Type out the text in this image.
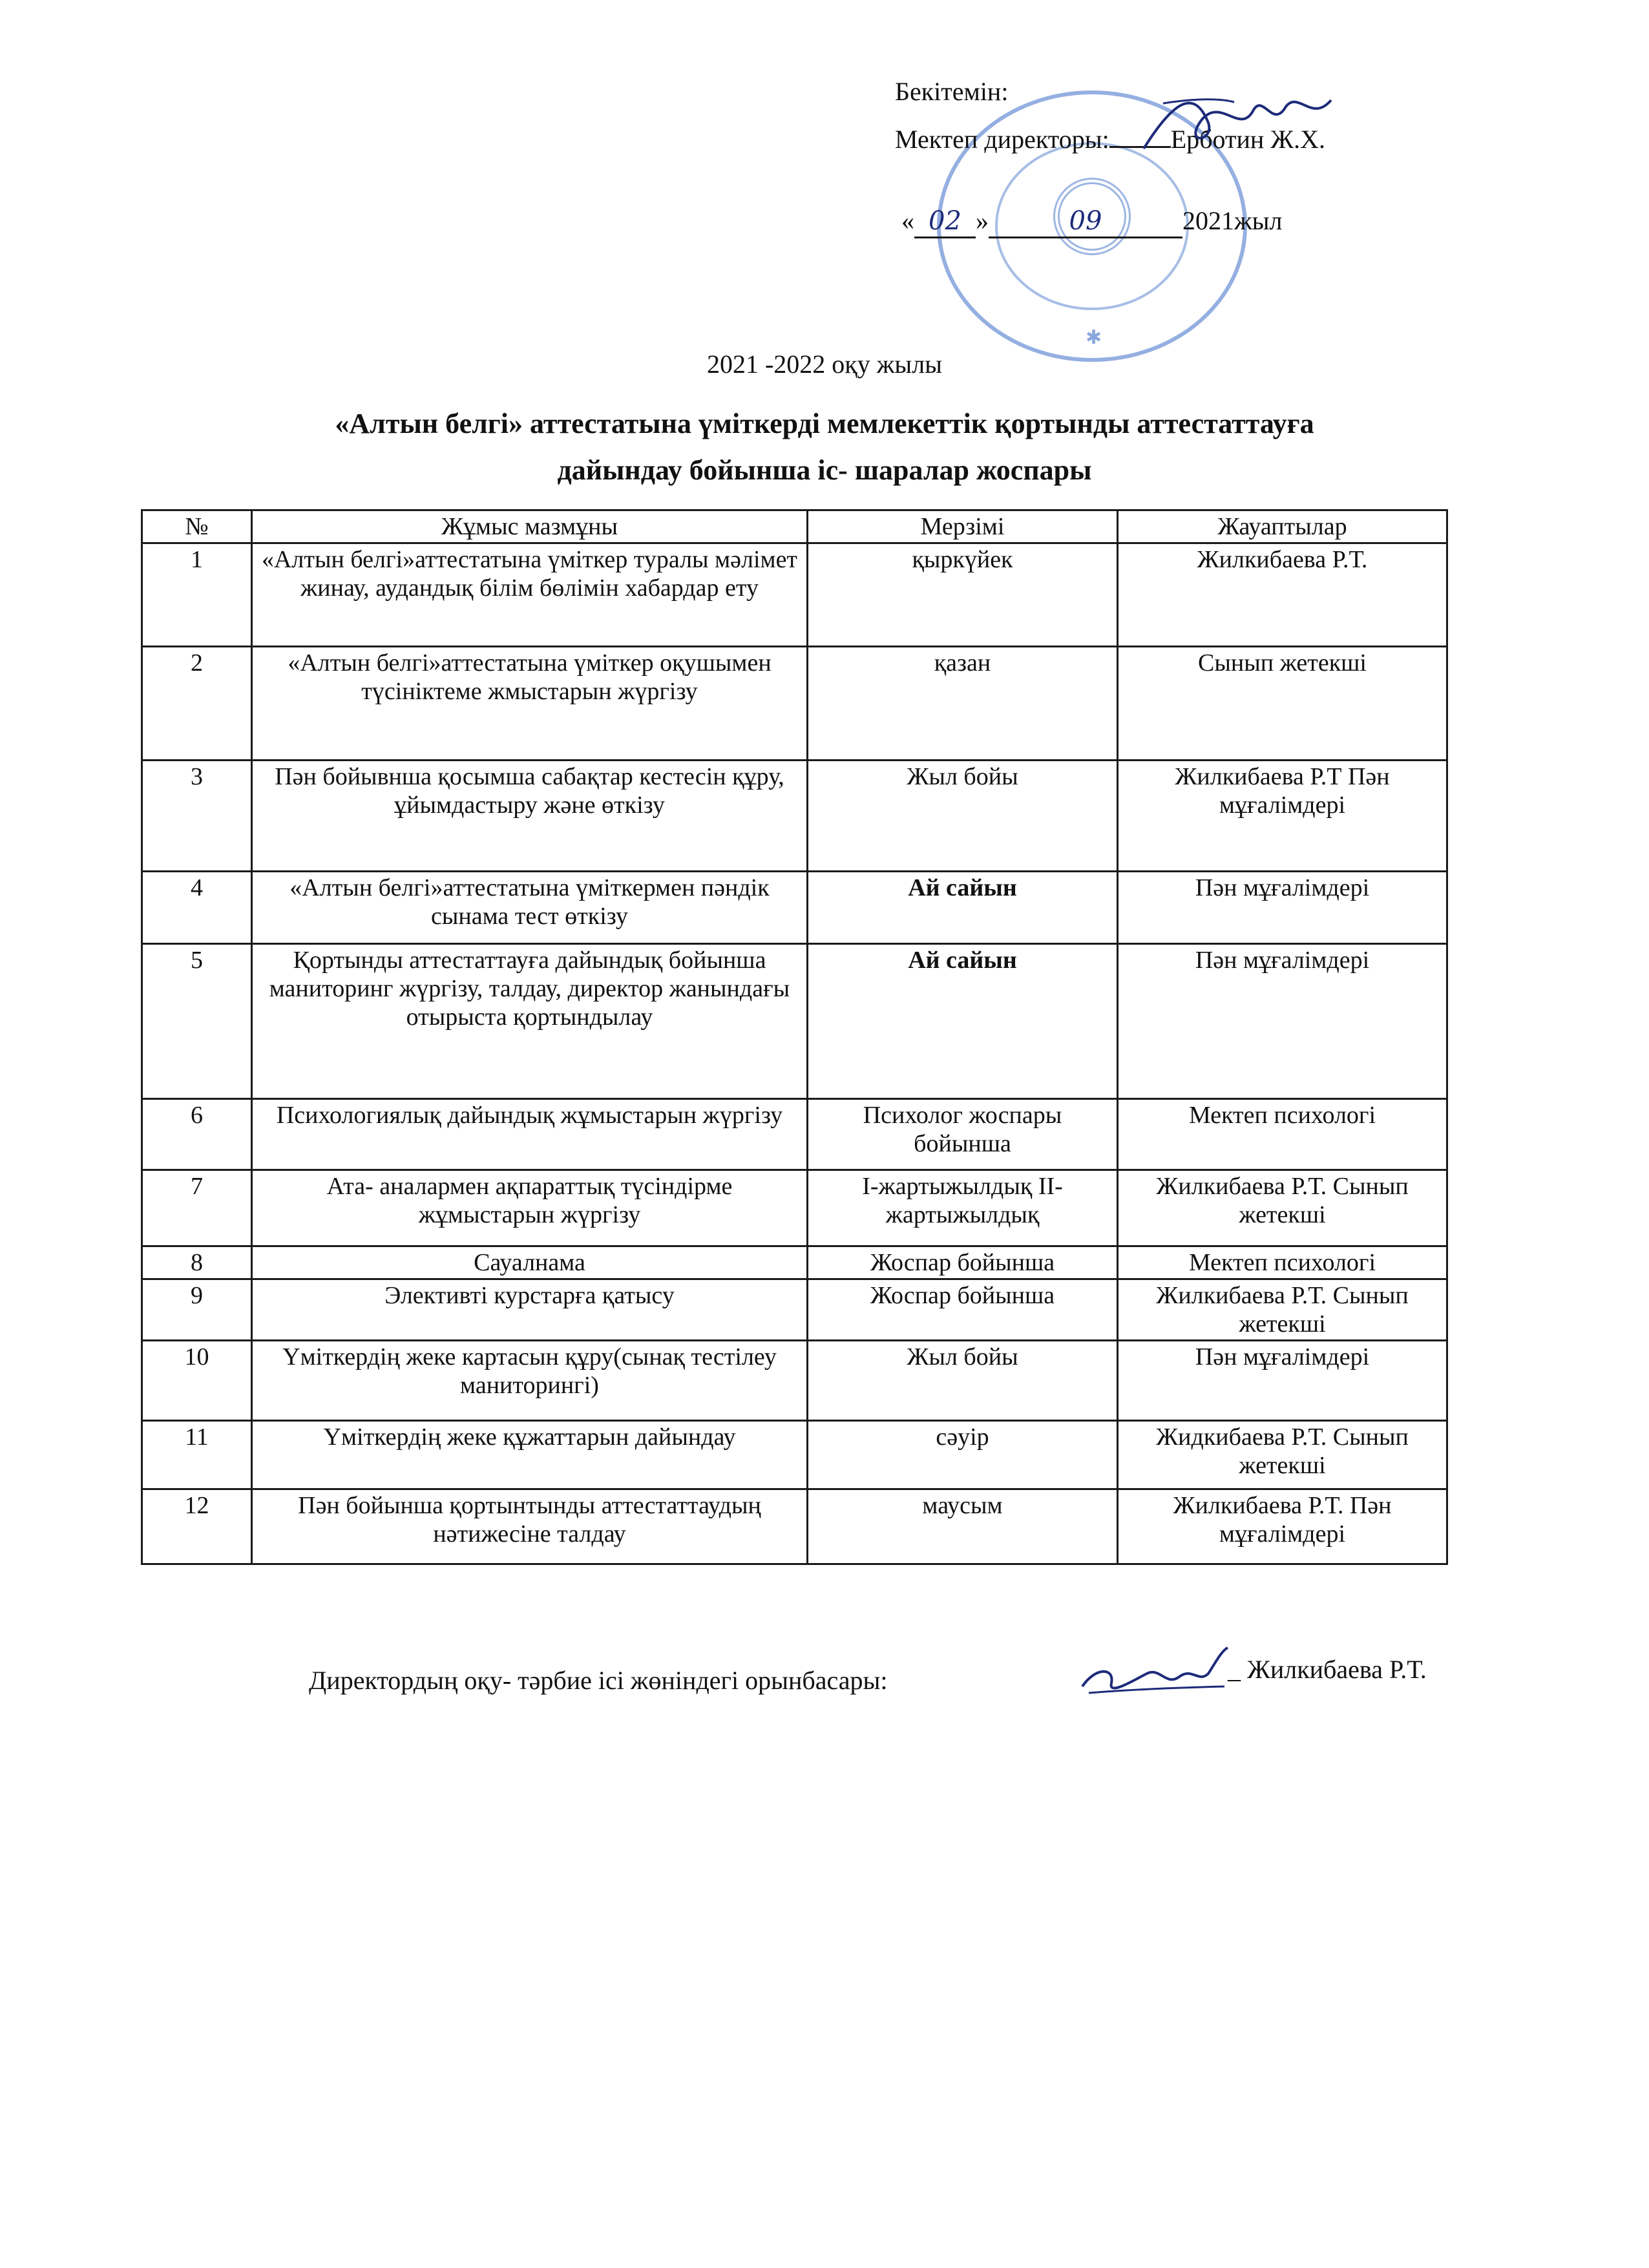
✱
Бекітемін:
Мектеп директоры: Ерботин Ж.Х.
« 02 »	09	2021жыл
2021 -2022 оқу жылы
«Алтын белгі» аттестатына үміткерді мемлекеттік қортынды аттестаттауға
дайындау бойынша іс- шаралар жоспары
№	Жұмыс мазмұны	Мерзімі	Жауаптылар
1	«Алтын белгі»аттестатына үміткер туралы мәлімет жинау, аудандық білім бөлімін хабардар ету	қыркүйек	Жилкибаева Р.Т.
2	«Алтын белгі»аттестатына үміткер оқушымен түсініктеме жмыстарын жүргізу	қазан	Сынып жетекші
3	Пән бойывнша қосымша сабақтар кестесін құру, ұйымдастыру және өткізу	Жыл бойы	Жилкибаева Р.Т Пән мұғалімдері
4	«Алтын белгі»аттестатына үміткермен пәндік сынама тест өткізу	Ай сайын	Пән мұғалімдері
5	Қортынды аттестаттауға дайындық бойынша маниторинг жүргізу, талдау, директор жанындағы отырыста қортындылау	Ай сайын	Пән мұғалімдері
6	Психологиялық дайындық жұмыстарын жүргізу	Психолог жоспары бойынша	Мектеп психологі
7	Ата- аналармен ақпараттық түсіндірме жұмыстарын жүргізу	І-жартыжылдық ІІ-жартыжылдық	Жилкибаева Р.Т. Сынып жетекші
8	Сауалнама	Жоспар бойынша	Мектеп психологі
9	Элективті курстарға қатысу	Жоспар бойынша	Жилкибаева Р.Т. Сынып жетекші
10	Үміткердің жеке картасын құру(сынақ тестілеу маниторингі)	Жыл бойы	Пән мұғалімдері
11	Үміткердің жеке құжаттарын дайындау	сәуір	Жидкибаева Р.Т. Сынып жетекші
12	Пән бойынша қортынтынды аттестаттаудың нәтижесіне талдау	маусым	Жилкибаева Р.Т. Пән мұғалімдері
Директордың оқу- тәрбие ісі жөніндегі орынбасары:	_ Жилкибаева Р.Т.
